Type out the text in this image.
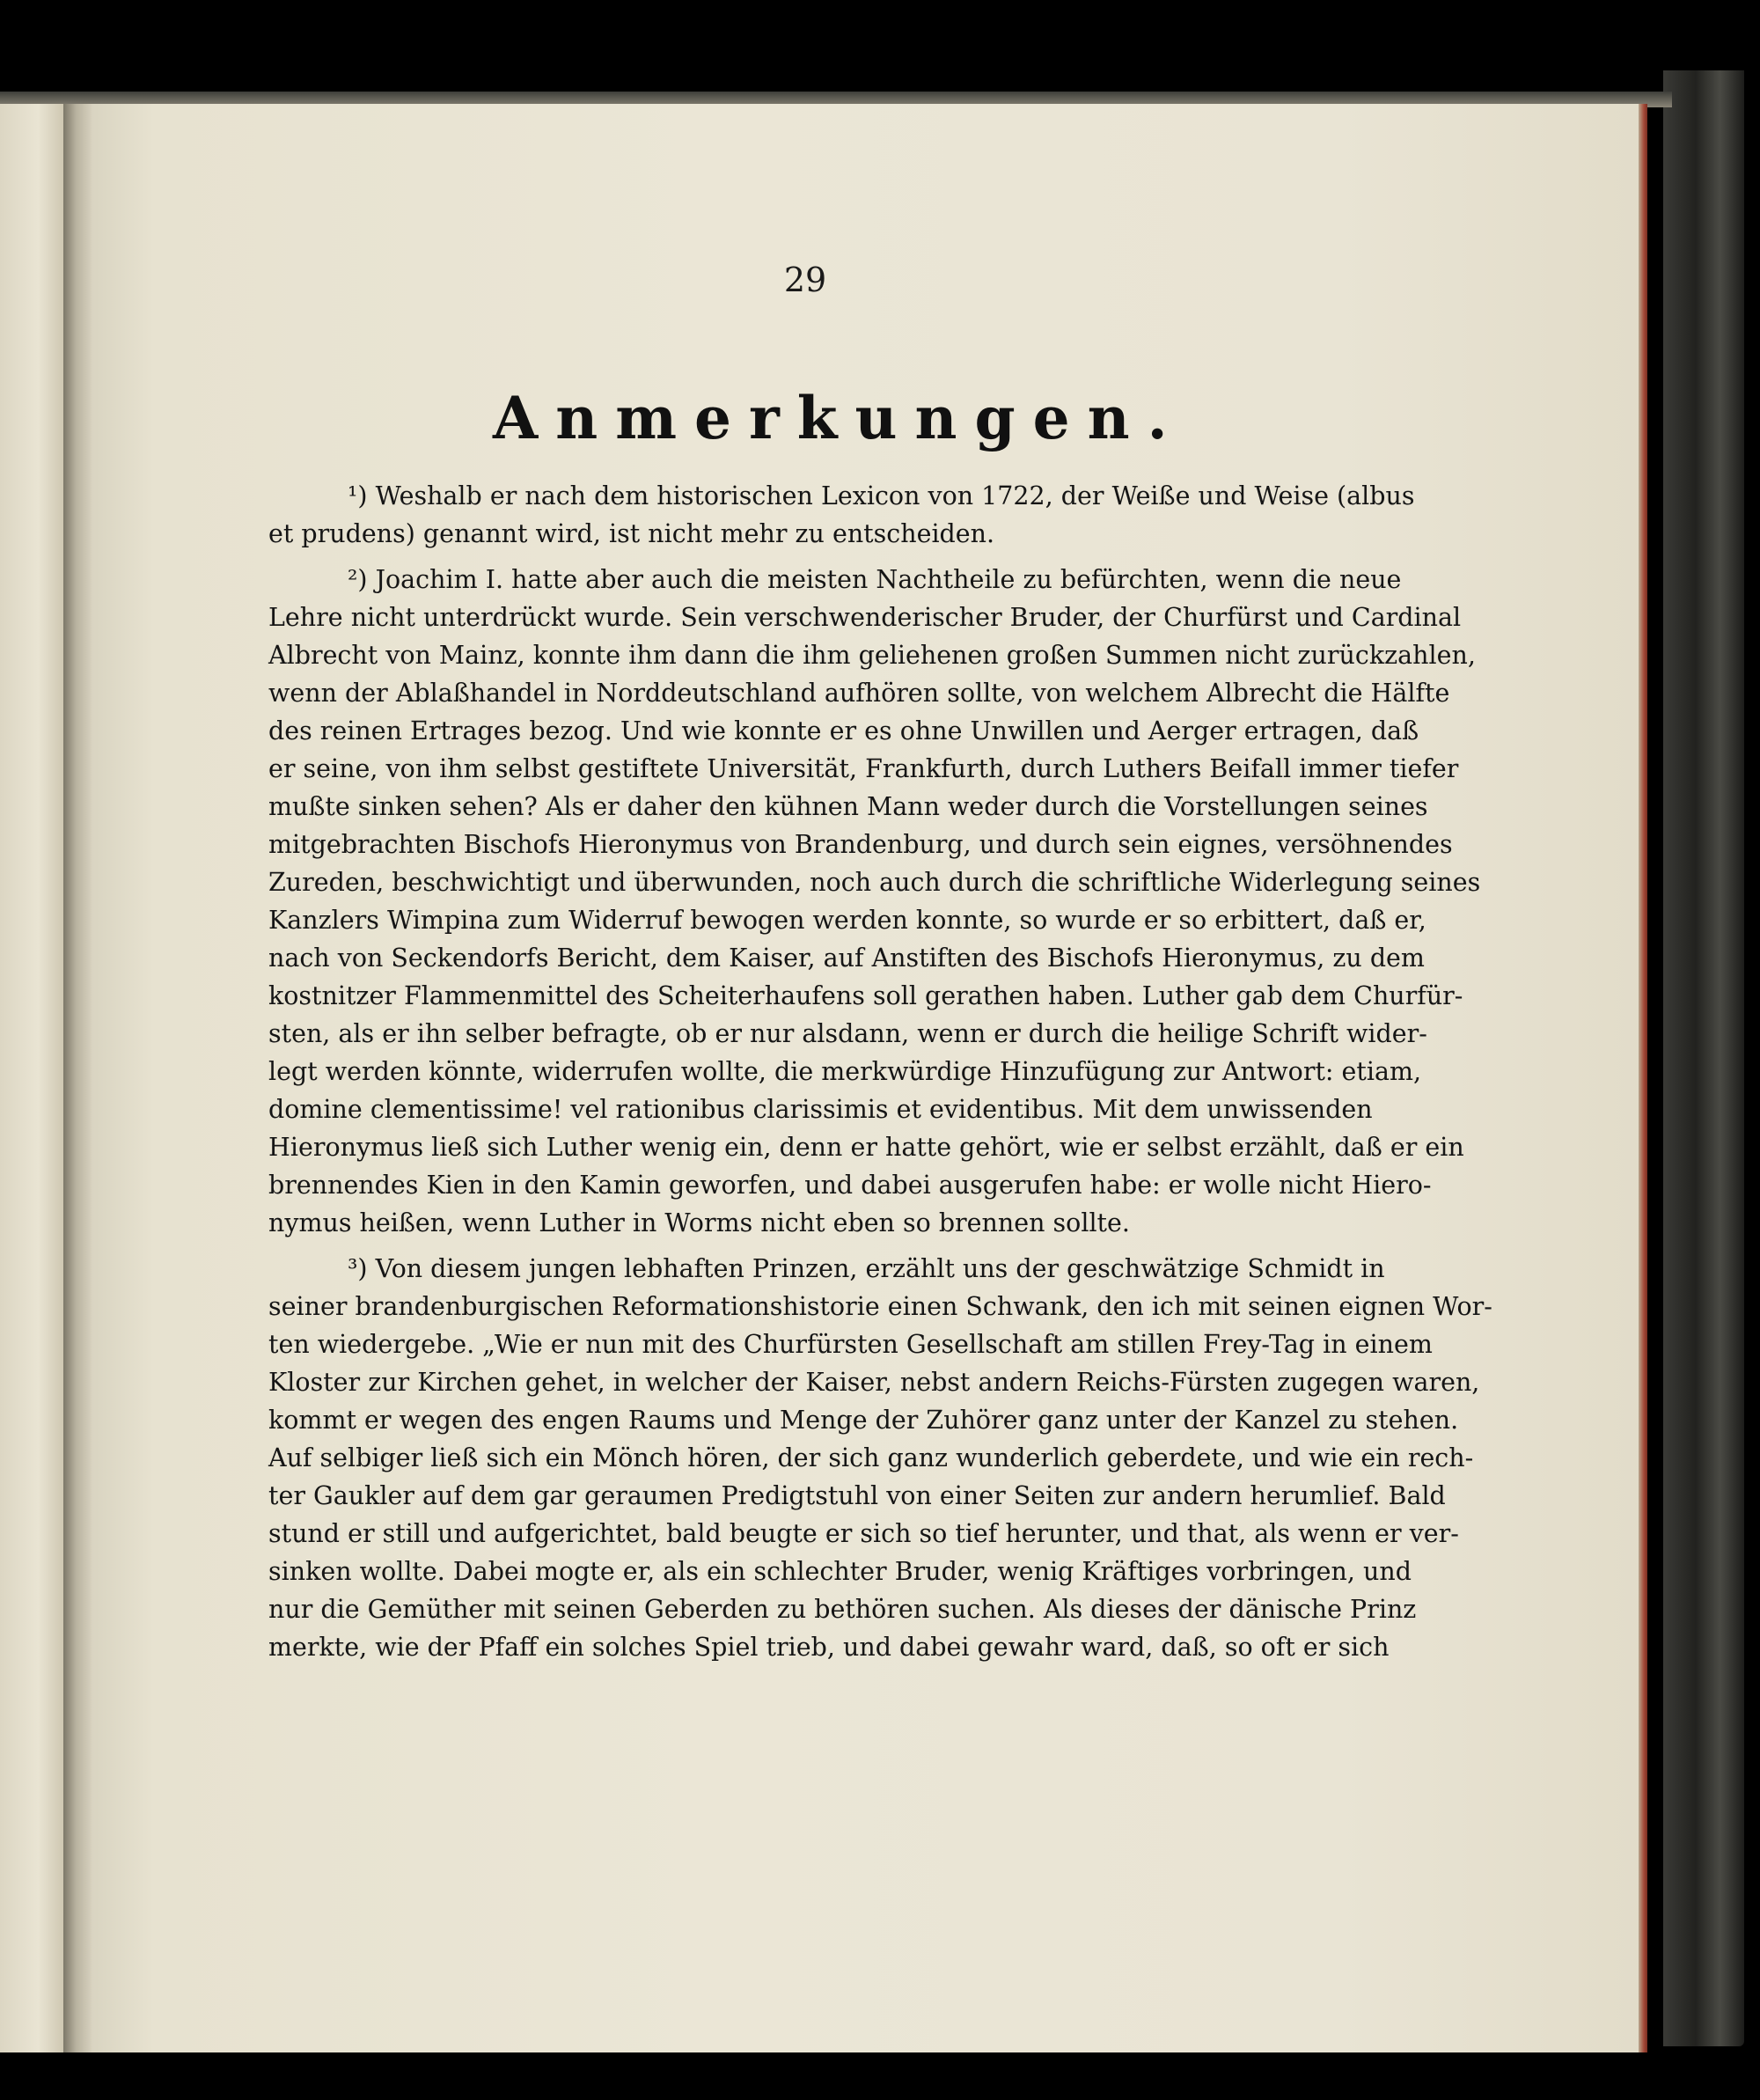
29
Anmerkungen.
¹) Weshalb er nach dem historischen Lexicon von 1722, der Weiße und Weise (albus
et prudens) genannt wird, ist nicht mehr zu entscheiden.
²) Joachim I. hatte aber auch die meisten Nachtheile zu befürchten, wenn die neue
Lehre nicht unterdrückt wurde. Sein verschwenderischer Bruder, der Churfürst und Cardinal
Albrecht von Mainz, konnte ihm dann die ihm geliehenen großen Summen nicht zurückzahlen,
wenn der Ablaßhandel in Norddeutschland aufhören sollte, von welchem Albrecht die Hälfte
des reinen Ertrages bezog. Und wie konnte er es ohne Unwillen und Aerger ertragen, daß
er seine, von ihm selbst gestiftete Universität, Frankfurth, durch Luthers Beifall immer tiefer
mußte sinken sehen? Als er daher den kühnen Mann weder durch die Vorstellungen seines
mitgebrachten Bischofs Hieronymus von Brandenburg, und durch sein eignes, versöhnendes
Zureden, beschwichtigt und überwunden, noch auch durch die schriftliche Widerlegung seines
Kanzlers Wimpina zum Widerruf bewogen werden konnte, so wurde er so erbittert, daß er,
nach von Seckendorfs Bericht, dem Kaiser, auf Anstiften des Bischofs Hieronymus, zu dem
kostnitzer Flammenmittel des Scheiterhaufens soll gerathen haben. Luther gab dem Churfür-
sten, als er ihn selber befragte, ob er nur alsdann, wenn er durch die heilige Schrift wider-
legt werden könnte, widerrufen wollte, die merkwürdige Hinzufügung zur Antwort: etiam,
domine clementissime! vel rationibus clarissimis et evidentibus. Mit dem unwissenden
Hieronymus ließ sich Luther wenig ein, denn er hatte gehört, wie er selbst erzählt, daß er ein
brennendes Kien in den Kamin geworfen, und dabei ausgerufen habe: er wolle nicht Hiero-
nymus heißen, wenn Luther in Worms nicht eben so brennen sollte.
³) Von diesem jungen lebhaften Prinzen, erzählt uns der geschwätzige Schmidt in
seiner brandenburgischen Reformationshistorie einen Schwank, den ich mit seinen eignen Wor-
ten wiedergebe. „Wie er nun mit des Churfürsten Gesellschaft am stillen Frey-Tag in einem
Kloster zur Kirchen gehet, in welcher der Kaiser, nebst andern Reichs-Fürsten zugegen waren,
kommt er wegen des engen Raums und Menge der Zuhörer ganz unter der Kanzel zu stehen.
Auf selbiger ließ sich ein Mönch hören, der sich ganz wunderlich geberdete, und wie ein rech-
ter Gaukler auf dem gar geraumen Predigtstuhl von einer Seiten zur andern herumlief. Bald
stund er still und aufgerichtet, bald beugte er sich so tief herunter, und that, als wenn er ver-
sinken wollte. Dabei mogte er, als ein schlechter Bruder, wenig Kräftiges vorbringen, und
nur die Gemüther mit seinen Geberden zu bethören suchen. Als dieses der dänische Prinz
merkte, wie der Pfaff ein solches Spiel trieb, und dabei gewahr ward, daß, so oft er sich
